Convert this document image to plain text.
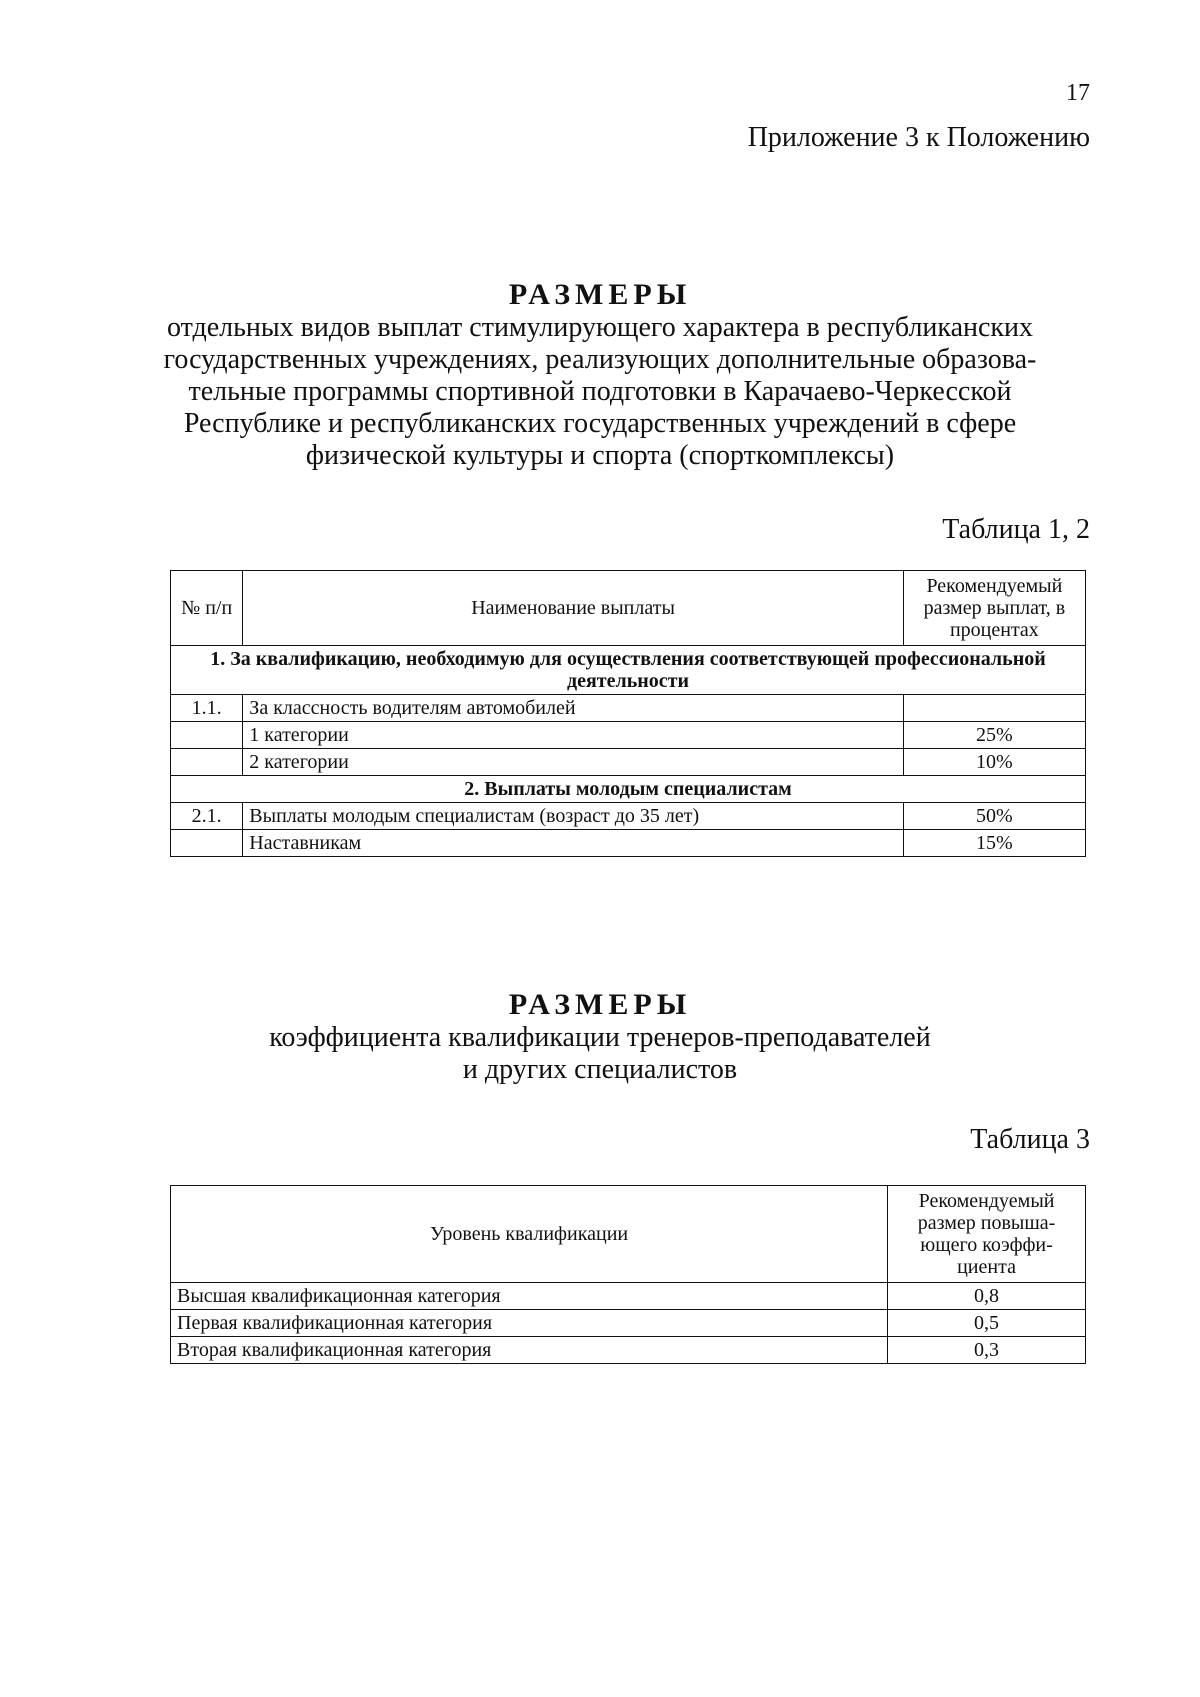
17
Приложение 3 к Положению
РАЗМЕРЫ
отдельных видов выплат стимулирующего характера в республиканских
государственных учреждениях, реализующих дополнительные образова-
тельные программы спортивной подготовки в Карачаево-Черкесской
Республике и республиканских государственных учреждений в сфере
физической культуры и спорта (спорткомплексы)
Таблица 1, 2
№ п/п	Наименование выплаты	Рекомендуемый размер выплат, в процентах
1. За квалификацию, необходимую для осуществления соответствующей профессиональной деятельности		
1.1.	За классность водителям автомобилей	
	1 категории	25%
	2 категории	10%
2. Выплаты молодым специалистам		
2.1.	Выплаты молодым специалистам (возраст до 35 лет)	50%
	Наставникам	15%
РАЗМЕРЫ
коэффициента квалификации тренеров-преподавателей
и других специалистов
Таблица 3
Уровень квалификации	Рекомендуемый размер повыша-ющего коэффи-циента
Высшая квалификационная категория	0,8
Первая квалификационная категория	0,5
Вторая квалификационная категория	0,3
